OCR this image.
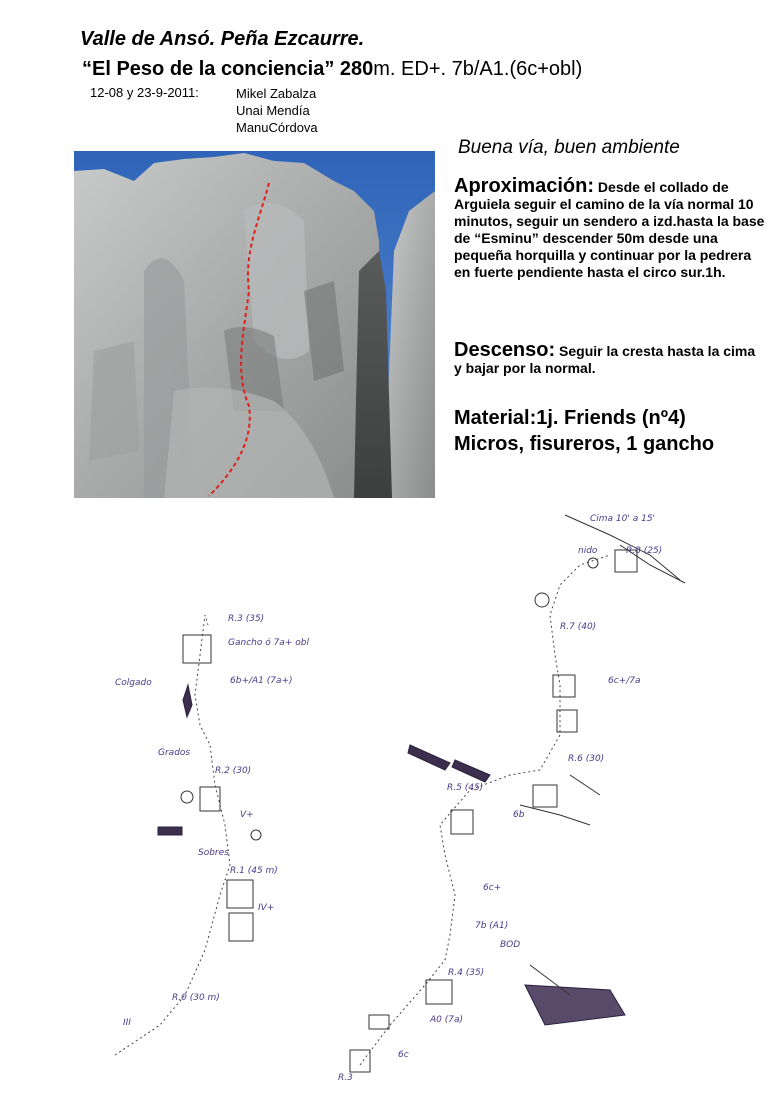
Valle de Ansó. Peña Ezcaurre.
“El Peso de la conciencia” 280m. ED+. 7b/A1.(6c+obl)
12-08 y 23-9-2011:	Mikel Zabalza
Unai Mendía
ManuCórdova
Buena vía, buen ambiente
Aproximación: Desde el collado de Arguiela seguir el camino de la vía normal 10 minutos, seguir un sendero a izd.hasta la base de “Esminu” descender 50m desde una pequeña horquilla y continuar por la pedrera en fuerte pendiente hasta el circo sur.1h.
Descenso: Seguir la cresta hasta la cima y bajar por la normal.
Material:1j. Friends (nº4)
Micros, fisureros, 1 gancho
R.0 (30 m)
R.1 (45 m)
R.2 (30)
R.3 (35)
R.3
R.4 (35)
R.5 (45)
R.6 (30)
R.7 (40)
R.8 (25)
III
IV+
V+
6b+/A1 (7a+)	6c+/7a
6b
6c+
7b (A1)
A0 (7a)
6c
Gancho ó 7a+ obl
Cima 10' a 15'
nido
Colgado
Sobres
Grados
BOD
